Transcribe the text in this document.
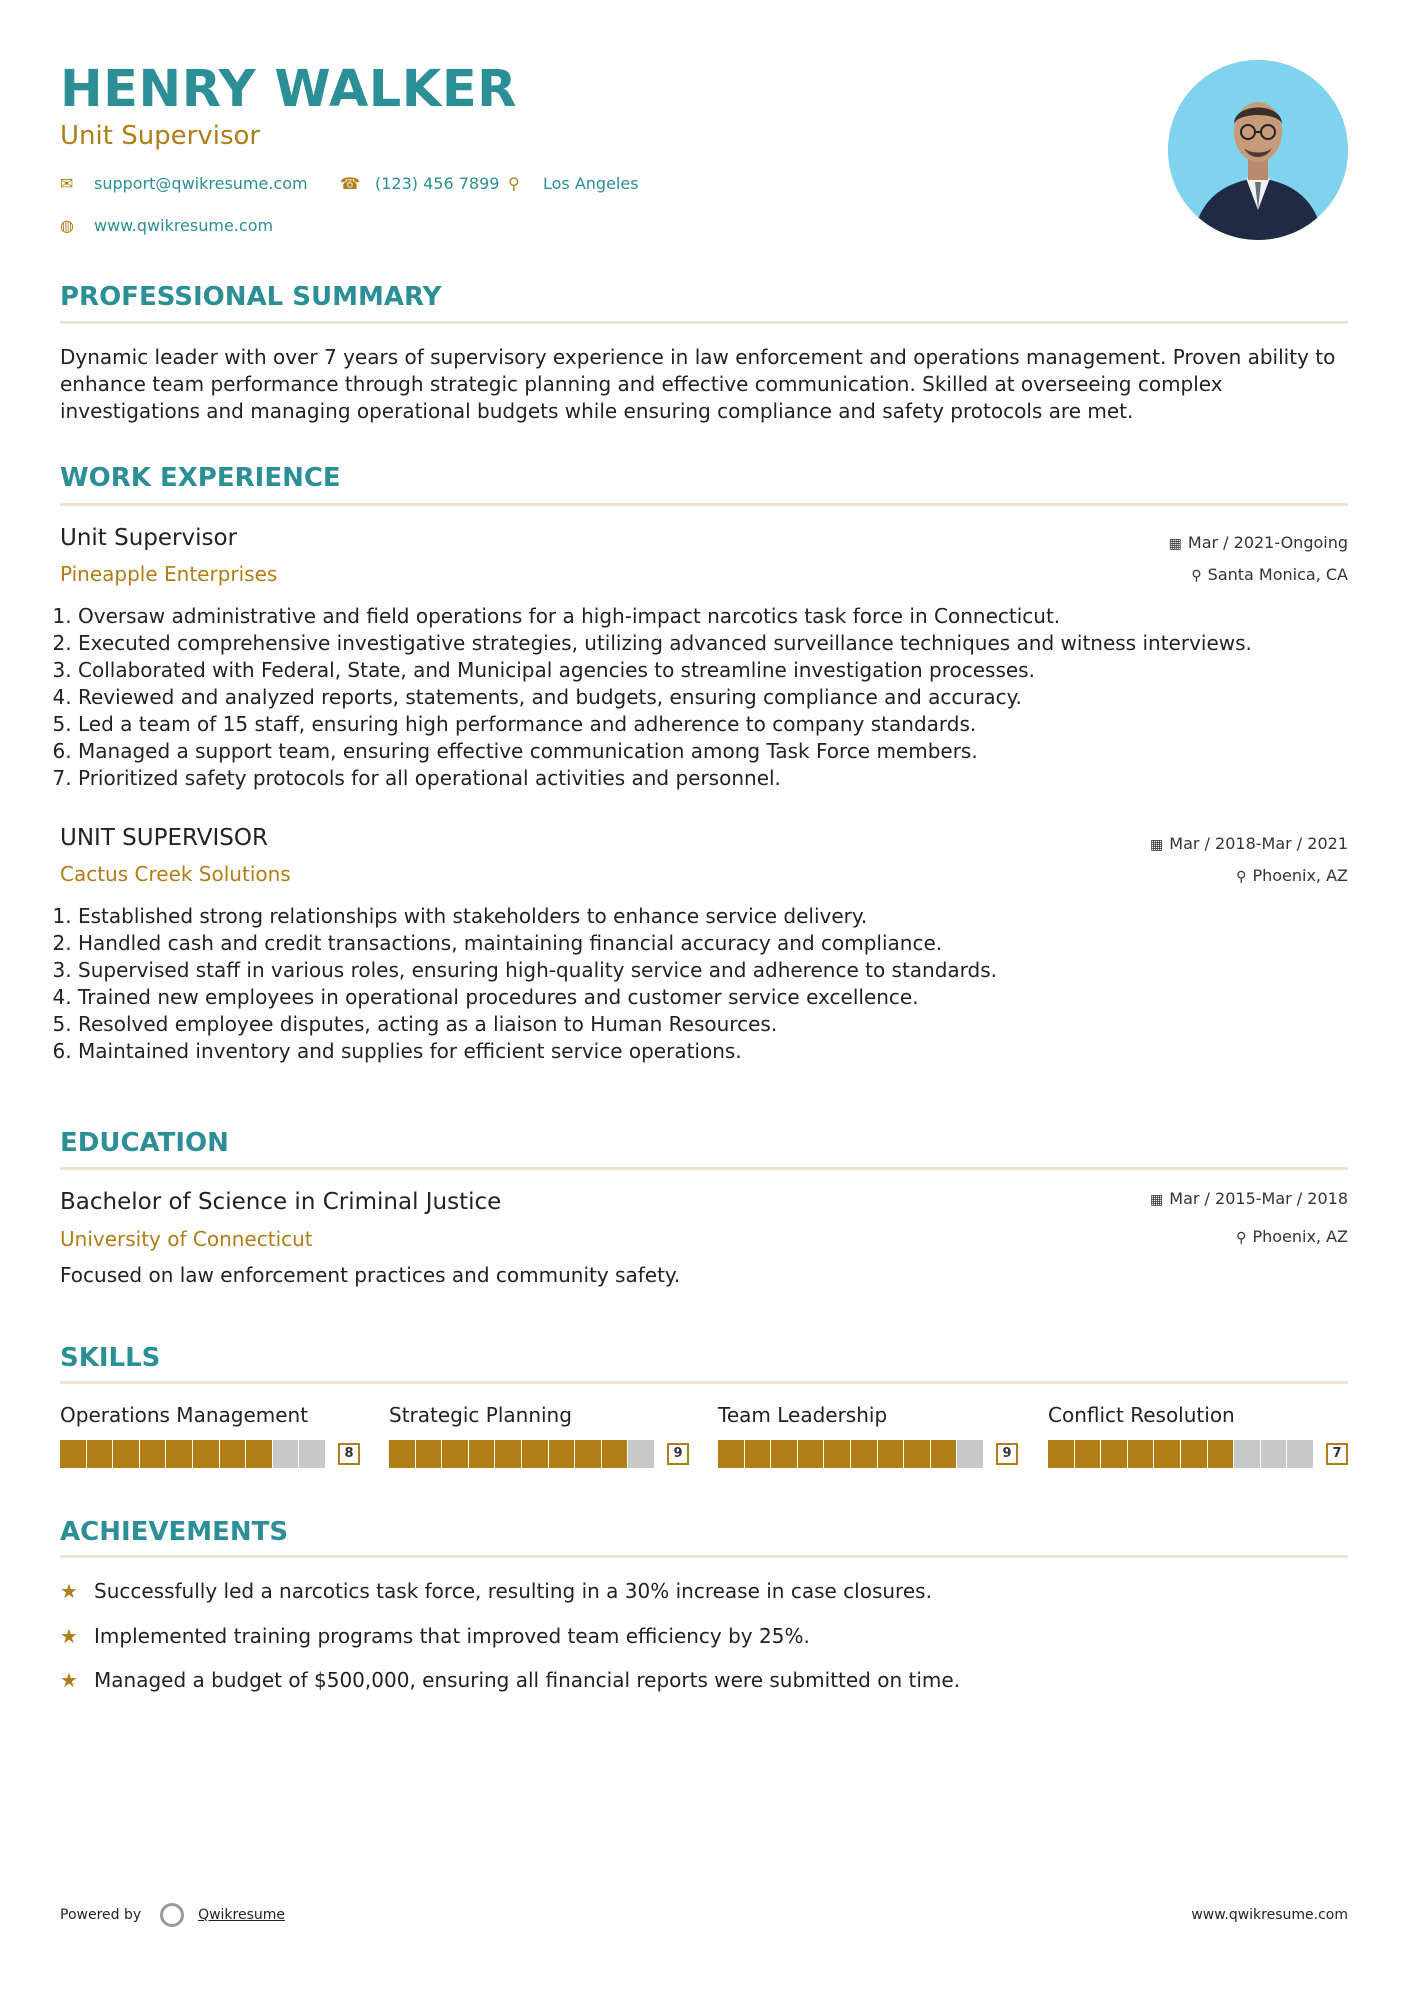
HENRY WALKER
Unit Supervisor
✉ support@qwikresume.com ☎ (123) 456 7899 ⚲ Los Angeles
◍ www.qwikresume.com
PROFESSIONAL SUMMARY
Dynamic leader with over 7 years of supervisory experience in law enforcement and operations management. Proven ability to enhance team performance through strategic planning and effective communication. Skilled at overseeing complex investigations and managing operational budgets while ensuring compliance and safety protocols are met.
WORK EXPERIENCE
Unit Supervisor
Pineapple Enterprises
▦ Mar / 2021-Ongoing
⚲ Santa Monica, CA
1. Oversaw administrative and field operations for a high-impact narcotics task force in Connecticut.
2. Executed comprehensive investigative strategies, utilizing advanced surveillance techniques and witness interviews.
3. Collaborated with Federal, State, and Municipal agencies to streamline investigation processes.
4. Reviewed and analyzed reports, statements, and budgets, ensuring compliance and accuracy.
5. Led a team of 15 staff, ensuring high performance and adherence to company standards.
6. Managed a support team, ensuring effective communication among Task Force members.
7. Prioritized safety protocols for all operational activities and personnel.
UNIT SUPERVISOR
Cactus Creek Solutions
▦ Mar / 2018-Mar / 2021
⚲ Phoenix, AZ
1. Established strong relationships with stakeholders to enhance service delivery.
2. Handled cash and credit transactions, maintaining financial accuracy and compliance.
3. Supervised staff in various roles, ensuring high-quality service and adherence to standards.
4. Trained new employees in operational procedures and customer service excellence.
5. Resolved employee disputes, acting as a liaison to Human Resources.
6. Maintained inventory and supplies for efficient service operations.
EDUCATION
Bachelor of Science in Criminal Justice
University of Connecticut
▦ Mar / 2015-Mar / 2018
⚲ Phoenix, AZ
Focused on law enforcement practices and community safety.
SKILLS
Operations Management
8
Strategic Planning
9
Team Leadership
9
Conflict Resolution
7
ACHIEVEMENTS
★ Successfully led a narcotics task force, resulting in a 30% increase in case closures.
★ Implemented training programs that improved team efficiency by 25%.
★ Managed a budget of $500,000, ensuring all financial reports were submitted on time.
Powered by	Qwikresume	www.qwikresume.com
